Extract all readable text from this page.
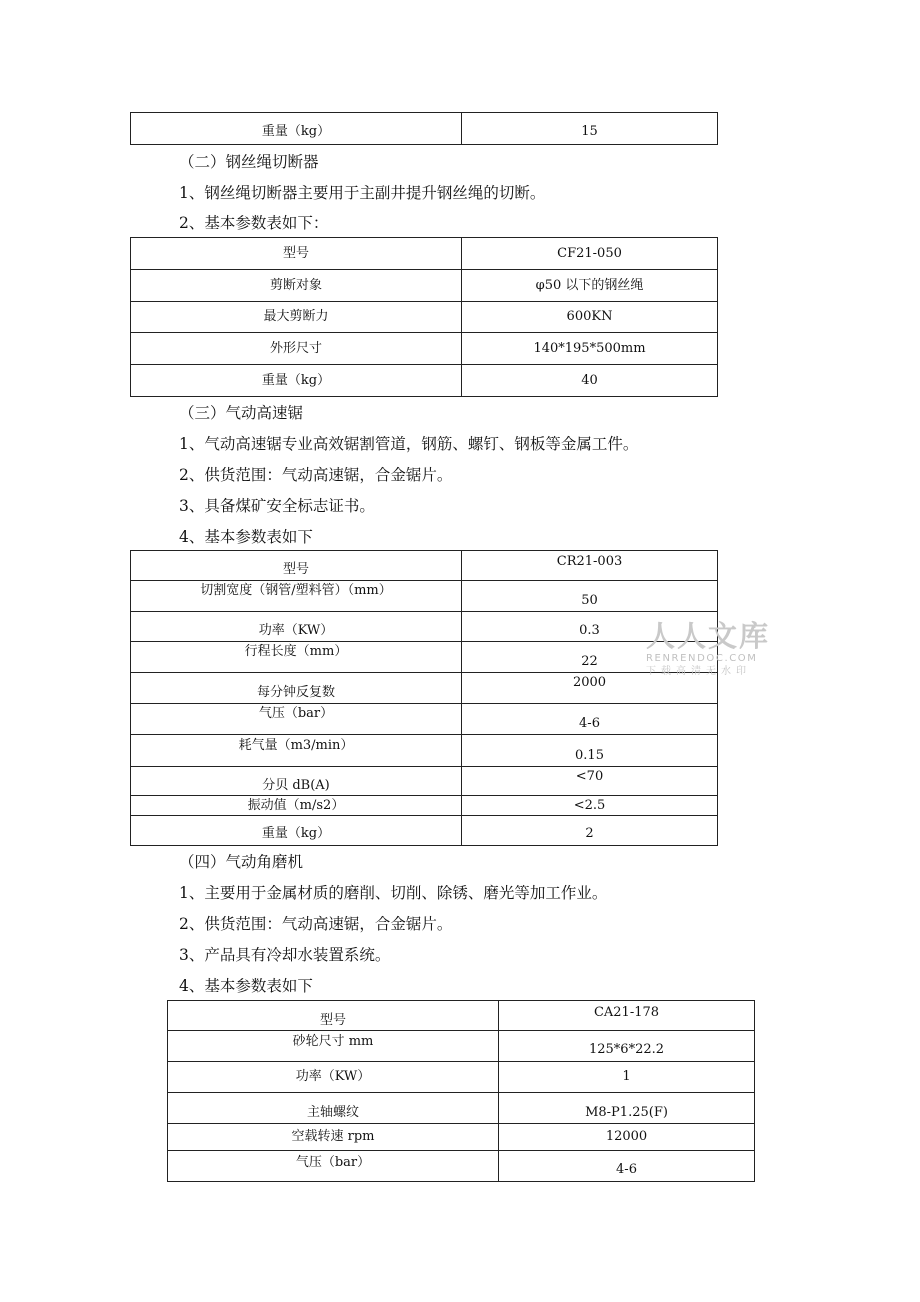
重量（kg）	15
（二）钢丝绳切断器
1、钢丝绳切断器主要用于主副井提升钢丝绳的切断。
2、基本参数表如下：
型号	CF21-050
剪断对象	φ50 以下的钢丝绳
最大剪断力	600KN
外形尺寸	140*195*500mm
重量（kg）	40
（三）气动高速锯
1、气动高速锯专业高效锯割管道，钢筋、螺钉、钢板等金属工件。
2、供货范围：气动高速锯，合金锯片。
3、具备煤矿安全标志证书。
4、基本参数表如下
型号	CR21-003
切割宽度（钢管/塑料管）（mm）	50
功率（KW）	0.3
行程长度（mm）	22
每分钟反复数	2000
气压（bar）	4-6
耗气量（m3/min）	0.15
分贝 dB(A)	<70
振动值（m/s2）	<2.5
重量（kg）	2
（四）气动角磨机
1、主要用于金属材质的磨削、切削、除锈、磨光等加工作业。
2、供货范围：气动高速锯，合金锯片。
3、产品具有冷却水装置系统。
4、基本参数表如下
型号	CA21-178
砂轮尺寸 mm	125*6*22.2
功率（KW）	1
主轴螺纹	M8-P1.25(F)
空载转速 rpm	12000
气压（bar）	4-6
人人文库
RENRENDOC.COM
下载高清无水印
